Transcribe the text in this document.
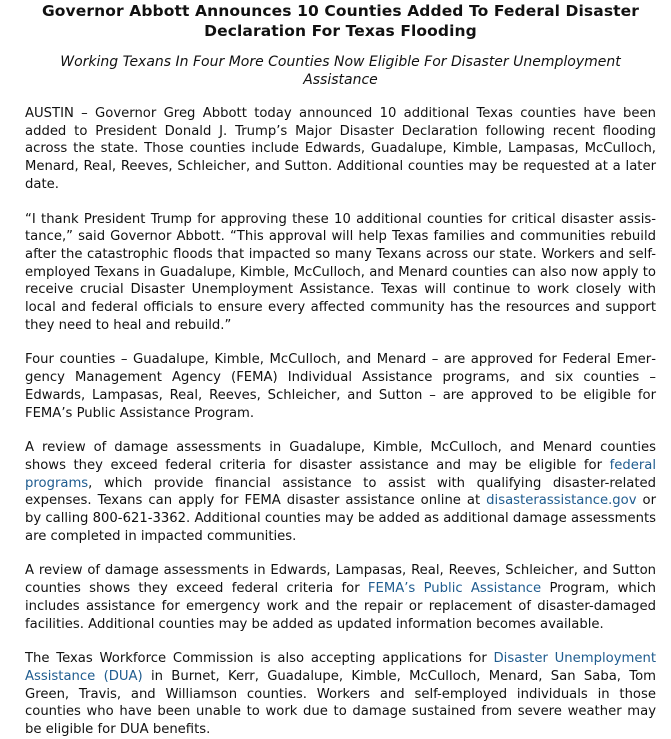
Governor Abbott Announces 10 Counties Added To Federal Disaster Declaration For Texas Flooding

Working Texans In Four More Counties Now Eligible For Disaster Unemployment Assistance

AUSTIN – Governor Greg Abbott today announced 10 additional Texas counties have been added to President Donald J. Trump’s Major Disaster Declaration following recent flooding across the state. Those counties include Edwards, Guadalupe, Kimble, Lampasas, McCulloch, Menard, Real, Reeves, Schleicher, and Sutton. Additional counties may be requested at a later date.

“I thank President Trump for approving these 10 additional counties for critical disaster assistance,” said Governor Abbott. “This approval will help Texas families and communities rebuild after the catastrophic floods that impacted so many Texans across our state. Workers and self-employed Texans in Guadalupe, Kimble, McCulloch, and Menard counties can also now apply to receive crucial Disaster Unemployment Assistance. Texas will continue to work closely with local and federal officials to ensure every affected community has the resources and support they need to heal and rebuild.”

Four counties – Guadalupe, Kimble, McCulloch, and Menard – are approved for Federal Emergency Management Agency (FEMA) Individual Assistance programs, and six counties – Edwards, Lampasas, Real, Reeves, Schleicher, and Sutton – are approved to be eligible for FEMA’s Public Assistance Program.

A review of damage assessments in Guadalupe, Kimble, McCulloch, and Menard counties shows they exceed federal criteria for disaster assistance and may be eligible for federal programs, which provide financial assistance to assist with qualifying disaster-related expenses. Texans can apply for FEMA disaster assistance online at disasterassistance.gov or by calling 800-621-3362. Additional counties may be added as additional damage assessments are completed in impacted communities.

A review of damage assessments in Edwards, Lampasas, Real, Reeves, Schleicher, and Sutton counties shows they exceed federal criteria for FEMA’s Public Assistance Program, which includes assistance for emergency work and the repair or replacement of disaster-damaged facilities. Additional counties may be added as updated information becomes available.

The Texas Workforce Commission is also accepting applications for Disaster Unemployment Assistance (DUA) in Burnet, Kerr, Guadalupe, Kimble, McCulloch, Menard, San Saba, Tom Green, Travis, and Williamson counties. Workers and self-employed individuals in those counties who have been unable to work due to damage sustained from severe weather may be eligible for DUA benefits.
